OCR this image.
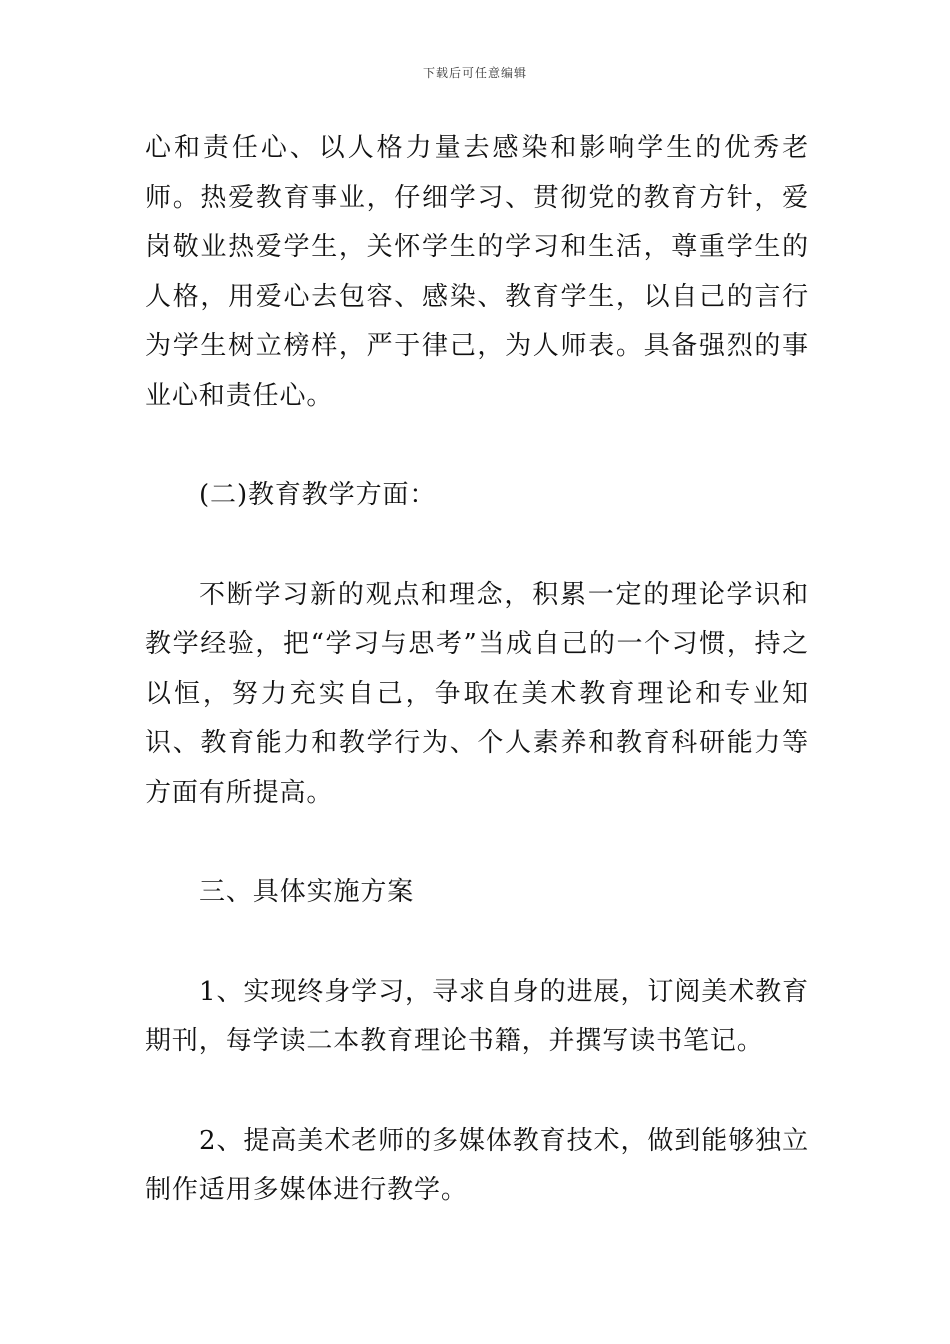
下载后可任意编辑

心和责任心、以人格力量去感染和影响学生的优秀老师。热爱教育事业，仔细学习、贯彻党的教育方针，爱岗敬业热爱学生，关怀学生的学习和生活，尊重学生的人格，用爱心去包容、感染、教育学生，以自己的言行为学生树立榜样，严于律己，为人师表。具备强烈的事业心和责任心。

(二)教育教学方面：

不断学习新的观点和理念，积累一定的理论学识和教学经验，把“学习与思考”当成自己的一个习惯，持之以恒，努力充实自己，争取在美术教育理论和专业知识、教育能力和教学行为、个人素养和教育科研能力等方面有所提高。

三、具体实施方案

1、实现终身学习，寻求自身的进展，订阅美术教育期刊，每学读二本教育理论书籍，并撰写读书笔记。

2、提高美术老师的多媒体教育技术，做到能够独立制作适用多媒体进行教学。
